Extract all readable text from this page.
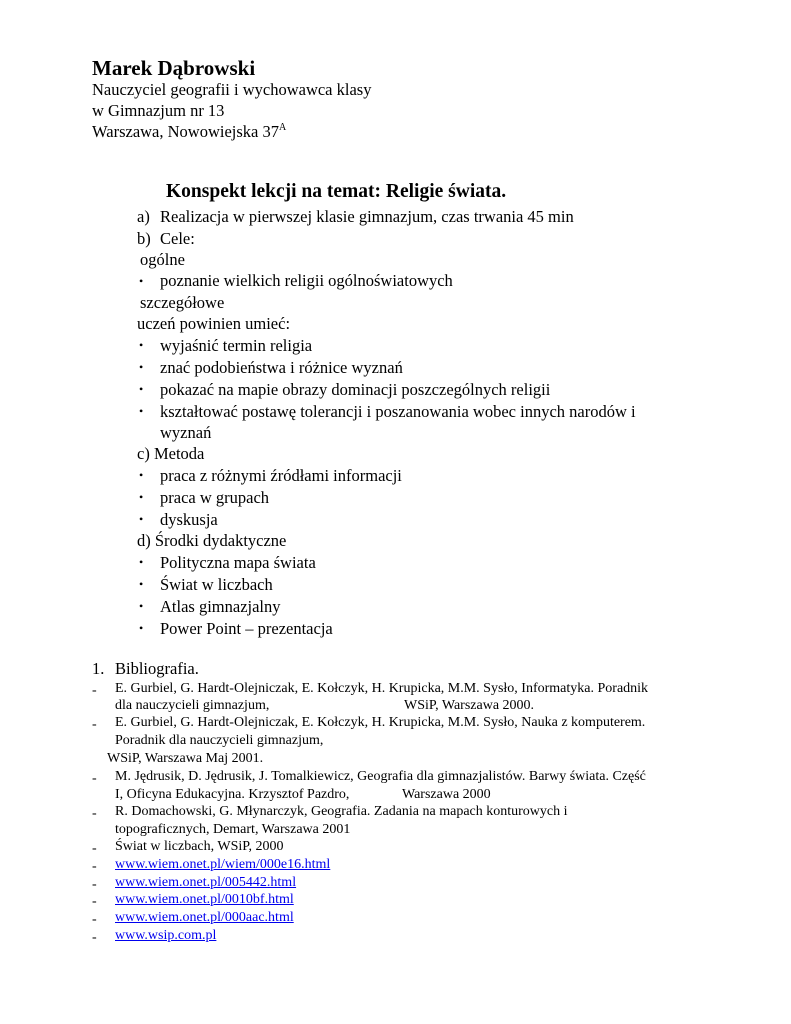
Marek Dąbrowski
Nauczyciel geografii i wychowawca klasy
w Gimnazjum nr 13
Warszawa, Nowowiejska $37^A$
Konspekt lekcji na temat: Religie świata.
a) Realizacja w pierwszej klasie gimnazjum, czas trwania 45 min
b) Cele:
ogólne
• poznanie wielkich religii ogólnoświatowych
szczegółowe
uczeń powinien umieć:
• wyjaśnić termin religia
• znać podobieństwa i różnice wyznań
• pokazać na mapie obrazy dominacji poszczególnych religii
• kształtować postawę tolerancji i poszanowania wobec innych narodów i
wyznań
c) Metoda
• praca z różnymi źródłami informacji
• praca w grupach
• dyskusja
d) Środki dydaktyczne
• Polityczna mapa świata
• Świat w liczbach
• Atlas gimnazjalny
• Power Point – prezentacja
1. Bibliografia.
- E. Gurbiel, G. Hardt-Olejniczak, E. Kołczyk, H. Krupicka, M.M. Sysło, Informatyka. Poradnik
dla nauczycieli gimnazjum,	WSiP, Warszawa 2000.
- E. Gurbiel, G. Hardt-Olejniczak, E. Kołczyk, H. Krupicka, M.M. Sysło, Nauka z komputerem.
Poradnik dla nauczycieli gimnazjum,
WSiP, Warszawa Maj 2001.
- M. Jędrusik, D. Jędrusik, J. Tomalkiewicz, Geografia dla gimnazjalistów. Barwy świata. Część
I, Oficyna Edukacyjna. Krzysztof Pazdro,	Warszawa 2000
- R. Domachowski, G. Młynarczyk, Geografia. Zadania na mapach konturowych i
topograficznych, Demart, Warszawa 2001
- Świat w liczbach, WSiP, 2000
- www.wiem.onet.pl/wiem/000e16.html
- www.wiem.onet.pl/005442.html
- www.wiem.onet.pl/0010bf.html
- www.wiem.onet.pl/000aac.html
- www.wsip.com.pl
